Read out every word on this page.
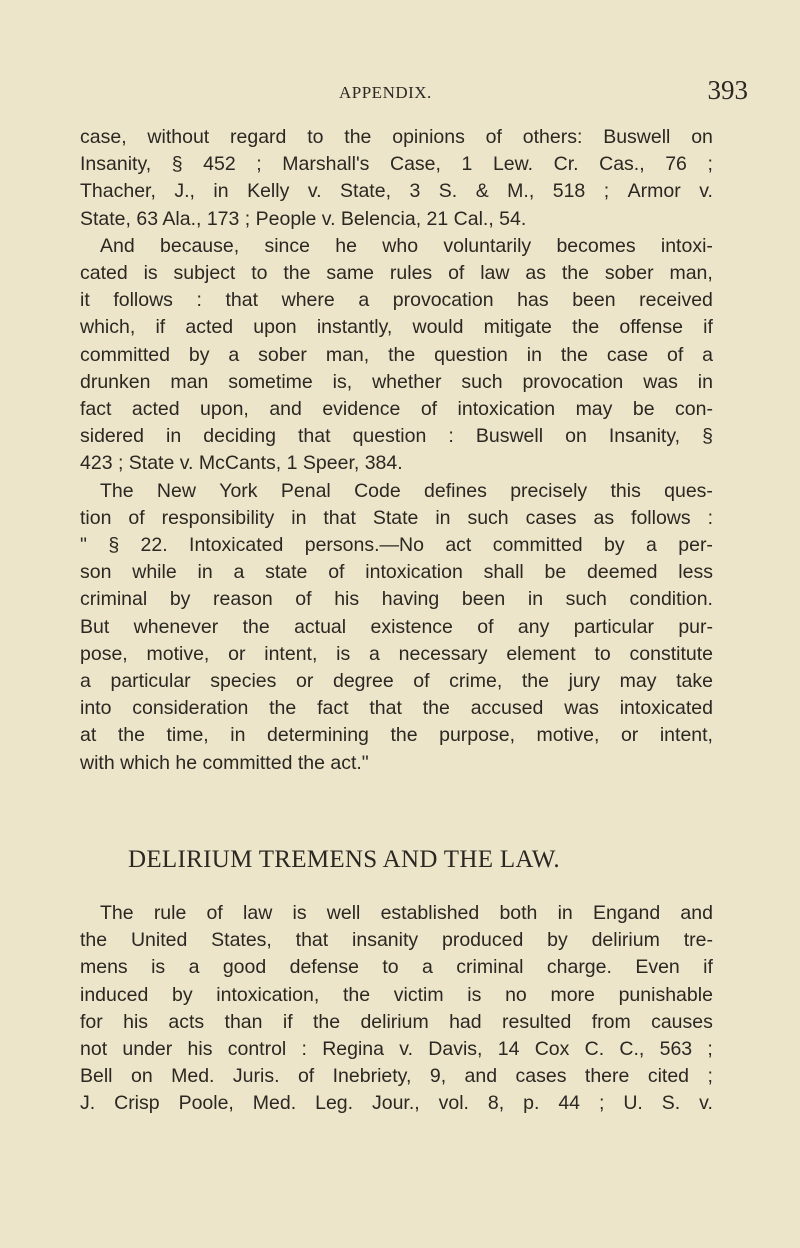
APPENDIX.	393
case, without regard to the opinions of others: Buswell on
Insanity, § 452 ; Marshall's Case, 1 Lew. Cr. Cas., 76 ;
Thacher, J., in Kelly v. State, 3 S. & M., 518 ; Armor v.
State, 63 Ala., 173 ; People v. Belencia, 21 Cal., 54.
And because, since he who voluntarily becomes intoxi-
cated is subject to the same rules of law as the sober man,
it follows : that where a provocation has been received
which, if acted upon instantly, would mitigate the offense if
committed by a sober man, the question in the case of a
drunken man sometime is, whether such provocation was in
fact acted upon, and evidence of intoxication may be con-
sidered in deciding that question : Buswell on Insanity, §
423 ; State v. McCants, 1 Speer, 384.
The New York Penal Code defines precisely this ques-
tion of responsibility in that State in such cases as follows :
" § 22. Intoxicated persons.—No act committed by a per-
son while in a state of intoxication shall be deemed less
criminal by reason of his having been in such condition.
But whenever the actual existence of any particular pur-
pose, motive, or intent, is a necessary element to constitute
a particular species or degree of crime, the jury may take
into consideration the fact that the accused was intoxicated
at the time, in determining the purpose, motive, or intent,
with which he committed the act."
DELIRIUM TREMENS AND THE LAW.
The rule of law is well established both in Engand and
the United States, that insanity produced by delirium tre-
mens is a good defense to a criminal charge. Even if
induced by intoxication, the victim is no more punishable
for his acts than if the delirium had resulted from causes
not under his control : Regina v. Davis, 14 Cox C. C., 563 ;
Bell on Med. Juris. of Inebriety, 9, and cases there cited ;
J. Crisp Poole, Med. Leg. Jour., vol. 8, p. 44 ; U. S. v.
